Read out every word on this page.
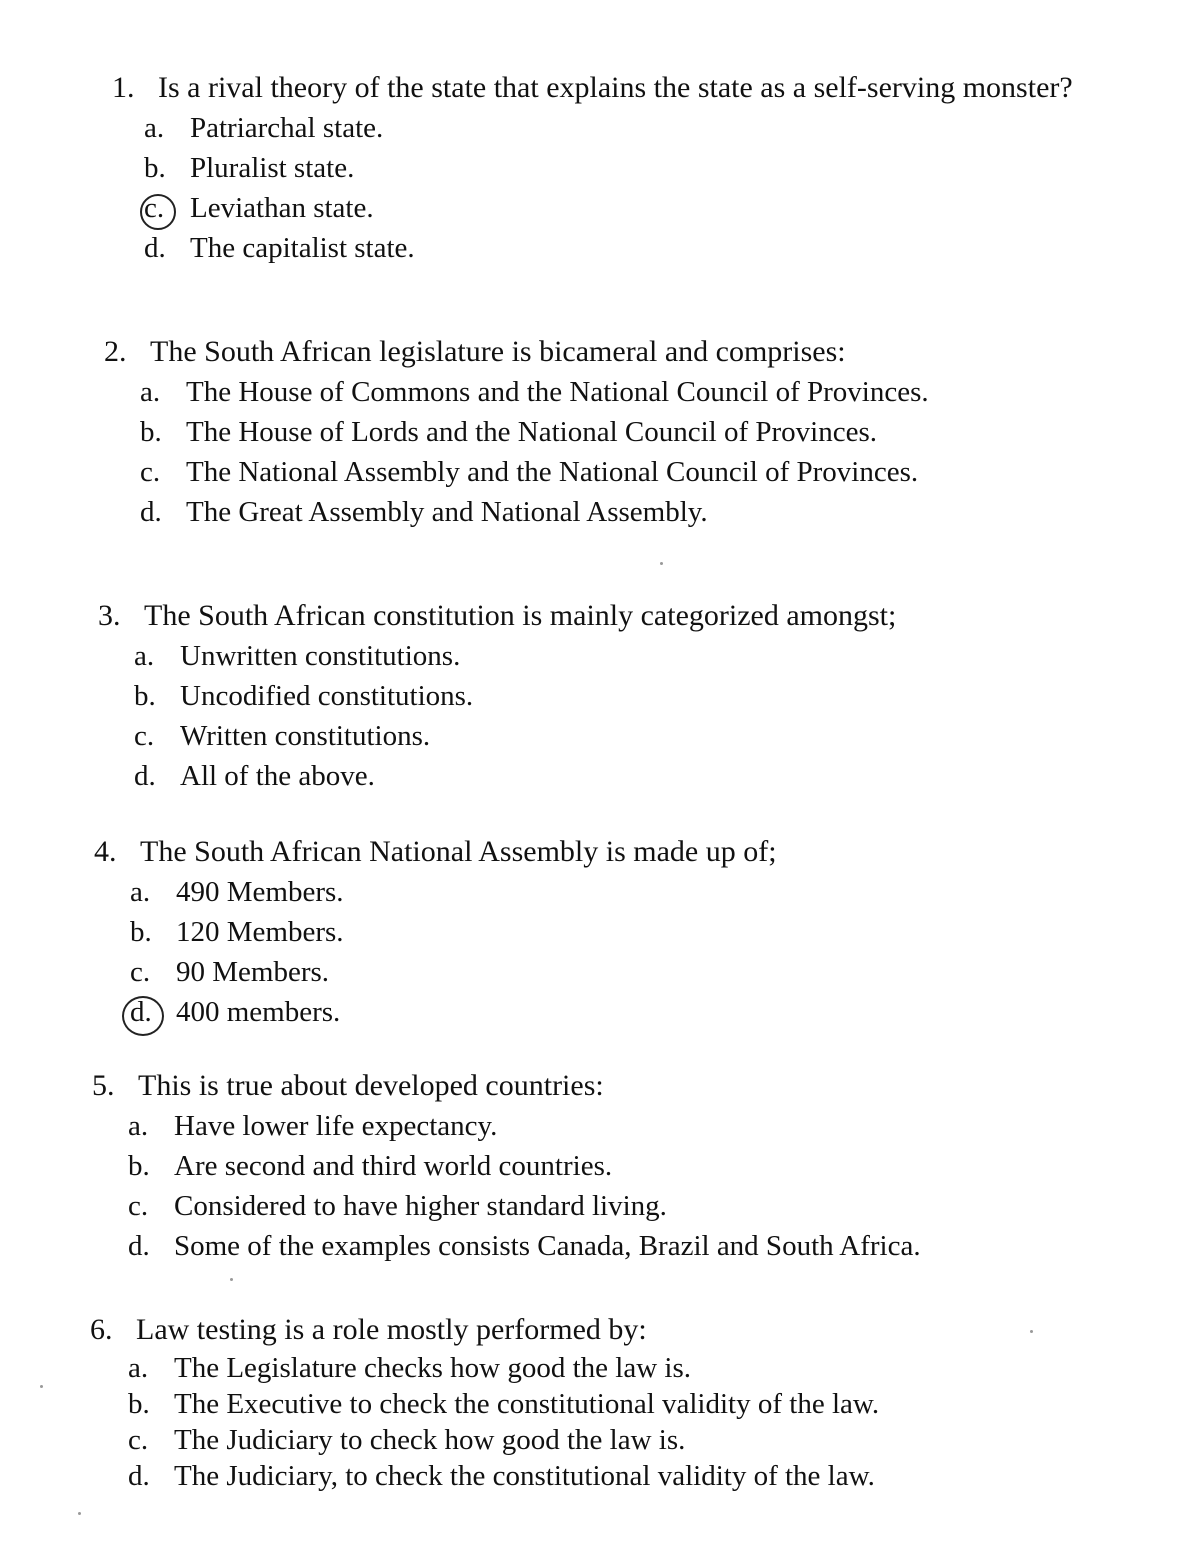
1. Is a rival theory of the state that explains the state as a self-serving monster?
a. Patriarchal state.
b. Pluralist state.
c. Leviathan state.
d. The capitalist state.
2. The South African legislature is bicameral and comprises:
a. The House of Commons and the National Council of Provinces.
b. The House of Lords and the National Council of Provinces.
c. The National Assembly and the National Council of Provinces.
d. The Great Assembly and National Assembly.
3. The South African constitution is mainly categorized amongst;
a. Unwritten constitutions.
b. Uncodified constitutions.
c. Written constitutions.
d. All of the above.
4. The South African National Assembly is made up of;
a. 490 Members.
b. 120 Members.
c. 90 Members.
d. 400 members.
5. This is true about developed countries:
a. Have lower life expectancy.
b. Are second and third world countries.
c. Considered to have higher standard living.
d. Some of the examples consists Canada, Brazil and South Africa.
6. Law testing is a role mostly performed by:
a. The Legislature checks how good the law is.
b. The Executive to check the constitutional validity of the law.
c. The Judiciary to check how good the law is.
d. The Judiciary, to check the constitutional validity of the law.
